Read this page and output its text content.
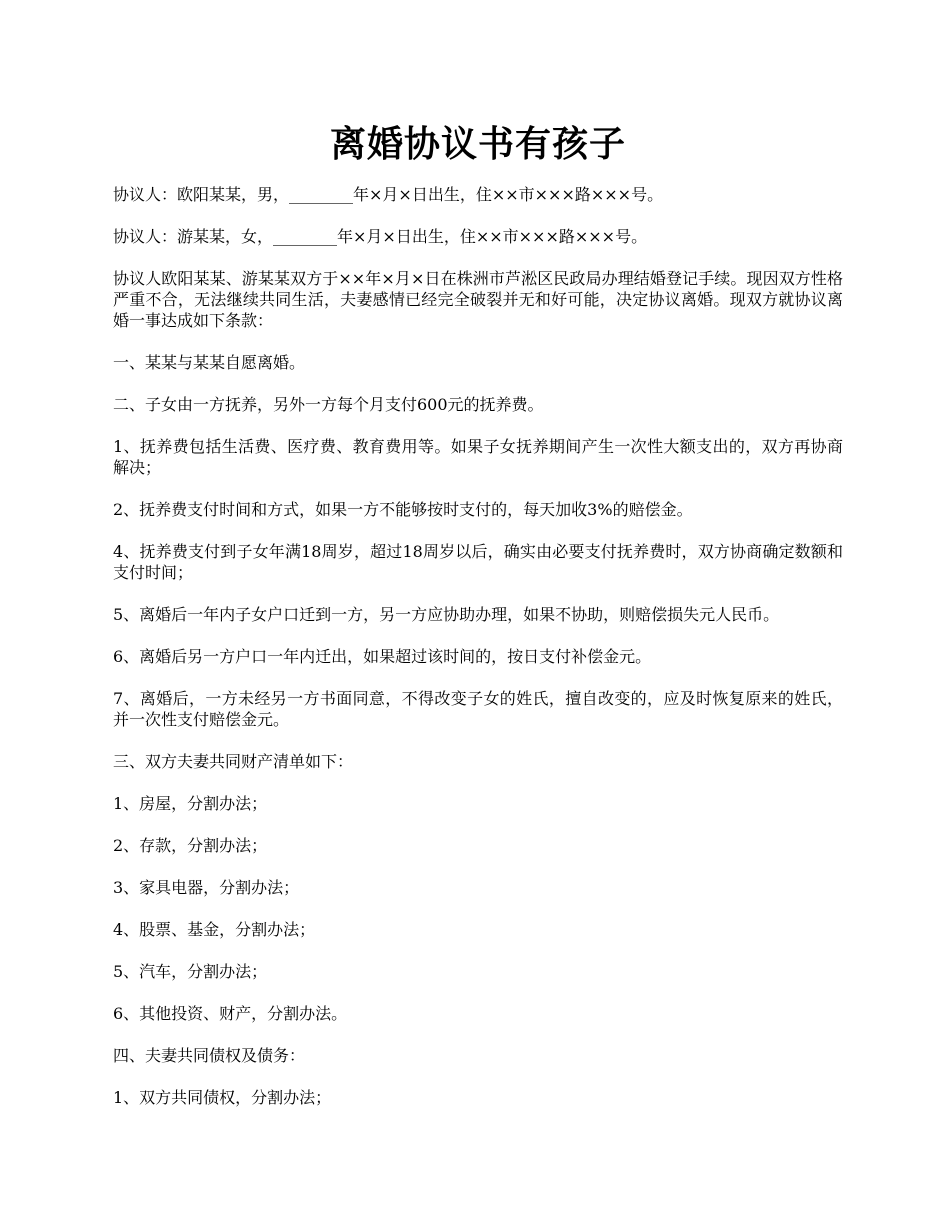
离婚协议书有孩子

协议人：欧阳某某，男，________年×月×日出生，住××市×××路×××号。

协议人：游某某，女，________年×月×日出生，住××市×××路×××号。

协议人欧阳某某、游某某双方于××年×月×日在株洲市芦淞区民政局办理结婚登记手续。现因双方性格严重不合，无法继续共同生活，夫妻感情已经完全破裂并无和好可能，决定协议离婚。现双方就协议离婚一事达成如下条款：

一、某某与某某自愿离婚。

二、子女由一方抚养，另外一方每个月支付600元的抚养费。

1、抚养费包括生活费、医疗费、教育费用等。如果子女抚养期间产生一次性大额支出的，双方再协商解决；

2、抚养费支付时间和方式，如果一方不能够按时支付的，每天加收3%的赔偿金。

4、抚养费支付到子女年满18周岁，超过18周岁以后，确实由必要支付抚养费时，双方协商确定数额和支付时间；

5、离婚后一年内子女户口迁到一方，另一方应协助办理，如果不协助，则赔偿损失元人民币。

6、离婚后另一方户口一年内迁出，如果超过该时间的，按日支付补偿金元。

7、离婚后，一方未经另一方书面同意，不得改变子女的姓氏，擅自改变的，应及时恢复原来的姓氏，并一次性支付赔偿金元。

三、双方夫妻共同财产清单如下：

1、房屋，分割办法；

2、存款，分割办法；

3、家具电器，分割办法；

4、股票、基金，分割办法；

5、汽车，分割办法；

6、其他投资、财产，分割办法。

四、夫妻共同债权及债务：

1、双方共同债权，分割办法；
